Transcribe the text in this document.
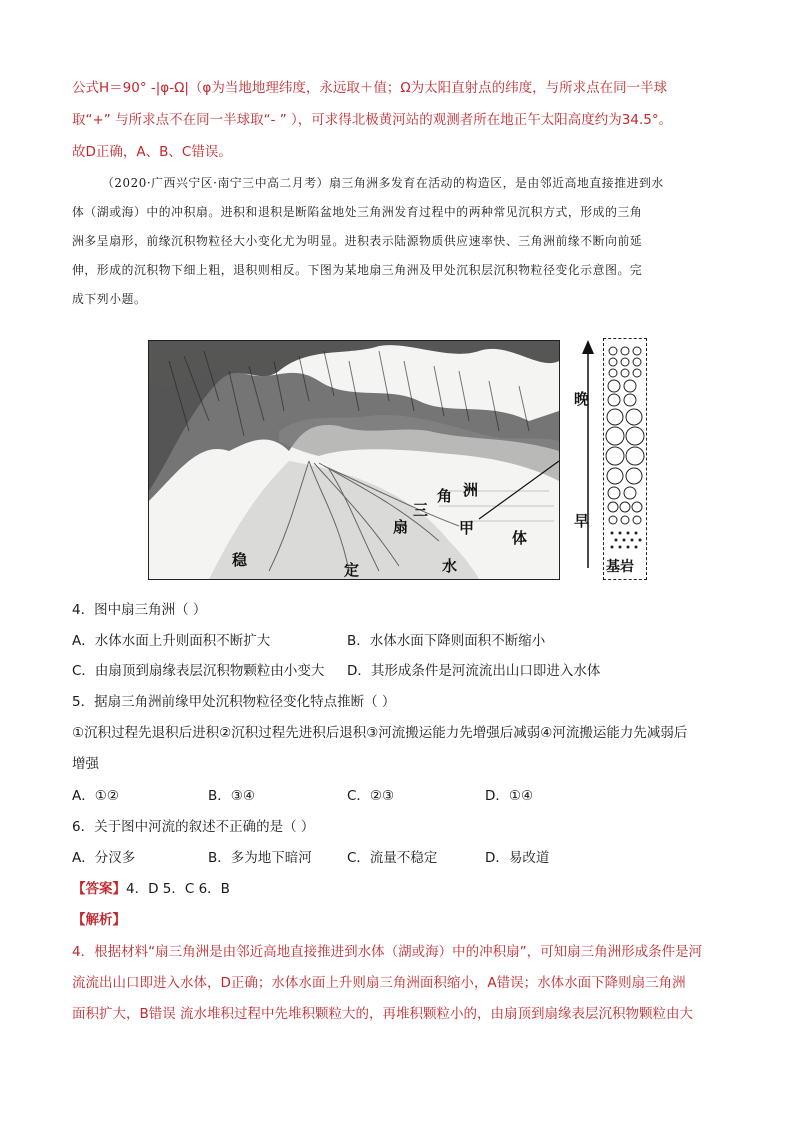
公式H＝90° -|φ-Ω|（φ为当地地理纬度，永远取＋值；Ω为太阳直射点的纬度，与所求点在同一半球
取“+” 与所求点不在同一半球取“- ” ），可求得北极黄河站的观测者所在地正午太阳高度约为34.5°。
故D正确，A、B、C错误。
（2020·广西兴宁区·南宁三中高二月考）扇三角洲多发育在活动的构造区，是由邻近高地直接推进到水
体（湖或海）中的冲积扇。进积和退积是断陷盆地处三角洲发育过程中的两种常见沉积方式，形成的三角
洲多呈扇形，前缘沉积物粒径大小变化尤为明显。进积表示陆源物质供应速率快、三角洲前缘不断向前延
伸，形成的沉积物下细上粗，退积则相反。下图为某地扇三角洲及甲处沉积层沉积物粒径变化示意图。完
成下列小题。
稳
定	水
体
甲
扇
三
角 洲
晚
早
基岩
4．图中扇三角洲（ ）
A．水体水面上升则面积不断扩大	B．水体水面下降则面积不断缩小
C．由扇顶到扇缘表层沉积物颗粒由小变大 D．其形成条件是河流流出山口即进入水体
5．据扇三角洲前缘甲处沉积物粒径变化特点推断（ ）
①沉积过程先退积后进积②沉积过程先进积后退积③河流搬运能力先增强后减弱④河流搬运能力先减弱后
增强
A．①②	B．③④	C．②③	D．①④
6．关于图中河流的叙述不正确的是（ ）
A．分汊多	B．多为地下暗河	C．流量不稳定	D．易改道
【答案】4．D 5．C 6．B
【解析】
4．根据材料“扇三角洲是由邻近高地直接推进到水体（湖或海）中的冲积扇”，可知扇三角洲形成条件是河
流流出山口即进入水体，D正确；水体水面上升则扇三角洲面积缩小，A错误；水体水面下降则扇三角洲
面积扩大，B错误 流水堆积过程中先堆积颗粒大的，再堆积颗粒小的，由扇顶到扇缘表层沉积物颗粒由大
